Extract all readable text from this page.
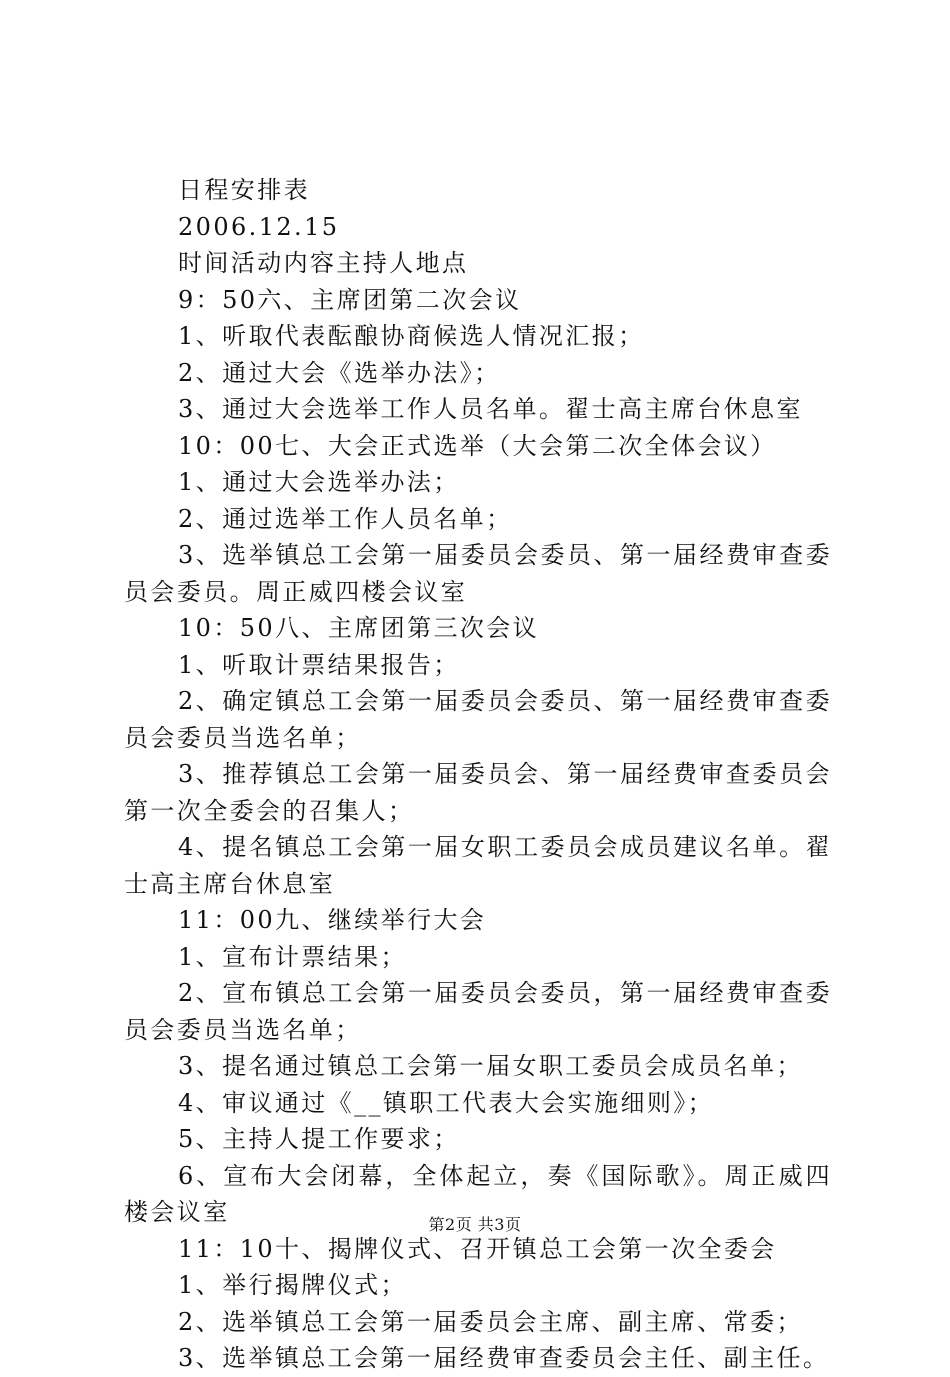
日程安排表

2006.12.15

时间活动内容主持人地点

9：50六、主席团第二次会议

1、听取代表酝酿协商候选人情况汇报；

2、通过大会《选举办法》；

3、通过大会选举工作人员名单。翟士高主席台休息室

10：00七、大会正式选举（大会第二次全体会议）

1、通过大会选举办法；

2、通过选举工作人员名单；

3、选举镇总工会第一届委员会委员、第一届经费审查委员会委员。周正威四楼会议室

10：50八、主席团第三次会议

1、听取计票结果报告；

2、确定镇总工会第一届委员会委员、第一届经费审查委员会委员当选名单；

3、推荐镇总工会第一届委员会、第一届经费审查委员会第一次全委会的召集人；

4、提名镇总工会第一届女职工委员会成员建议名单。翟士高主席台休息室

11：00九、继续举行大会

1、宣布计票结果；

2、宣布镇总工会第一届委员会委员，第一届经费审查委员会委员当选名单；

3、提名通过镇总工会第一届女职工委员会成员名单；

4、审议通过《__镇职工代表大会实施细则》；

5、主持人提工作要求；

6、宣布大会闭幕，全体起立，奏《国际歌》。周正威四楼会议室

11：10十、揭牌仪式、召开镇总工会第一次全委会

1、举行揭牌仪式；

2、选举镇总工会第一届委员会主席、副主席、常委；

3、选举镇总工会第一届经费审查委员会主任、副主任。

第2页 共3页
